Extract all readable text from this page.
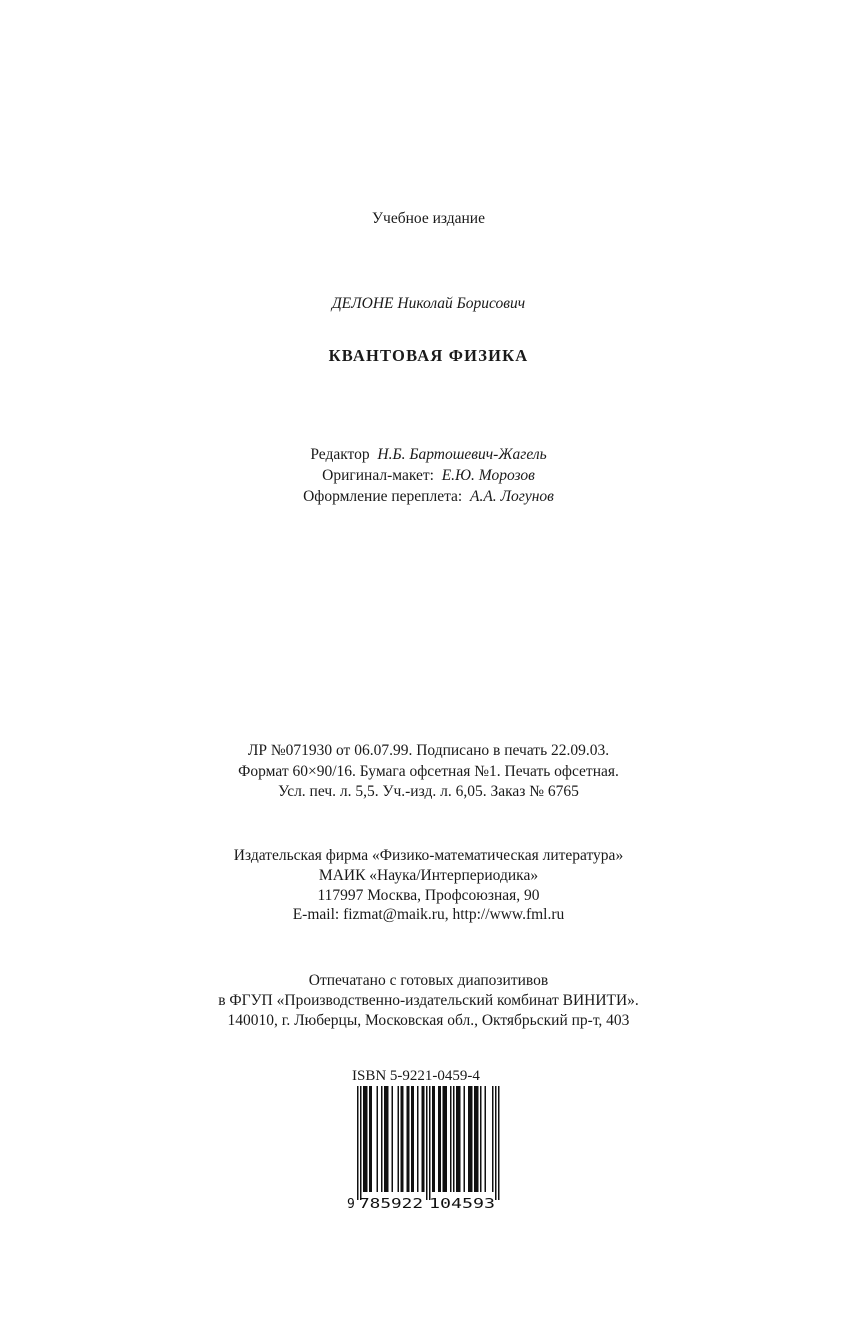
Учебное издание
ДЕЛОНЕ Николай Борисович
КВАНТОВАЯ ФИЗИКА
Редактор Н.Б. Бартошевич-Жагель
Оригинал-макет: Е.Ю. Морозов
Оформление переплета: А.А. Логунов
ЛР №071930 от 06.07.99. Подписано в печать 22.09.03.
Формат 60×90/16. Бумага офсетная №1. Печать офсетная.
Усл. печ. л. 5,5. Уч.-изд. л. 6,05. Заказ № 6765
Издательская фирма «Физико-математическая литература»
МАИК «Наука/Интерпериодика»
117997 Москва, Профсоюзная, 90
E-mail: fizmat@maik.ru, http://www.fml.ru
Отпечатано с готовых диапозитивов
в ФГУП «Производственно-издательский комбинат ВИНИТИ».
140010, г. Люберцы, Московская обл., Октябрьский пр-т, 403
ISBN 5-9221-0459-4
9 785922 104593
